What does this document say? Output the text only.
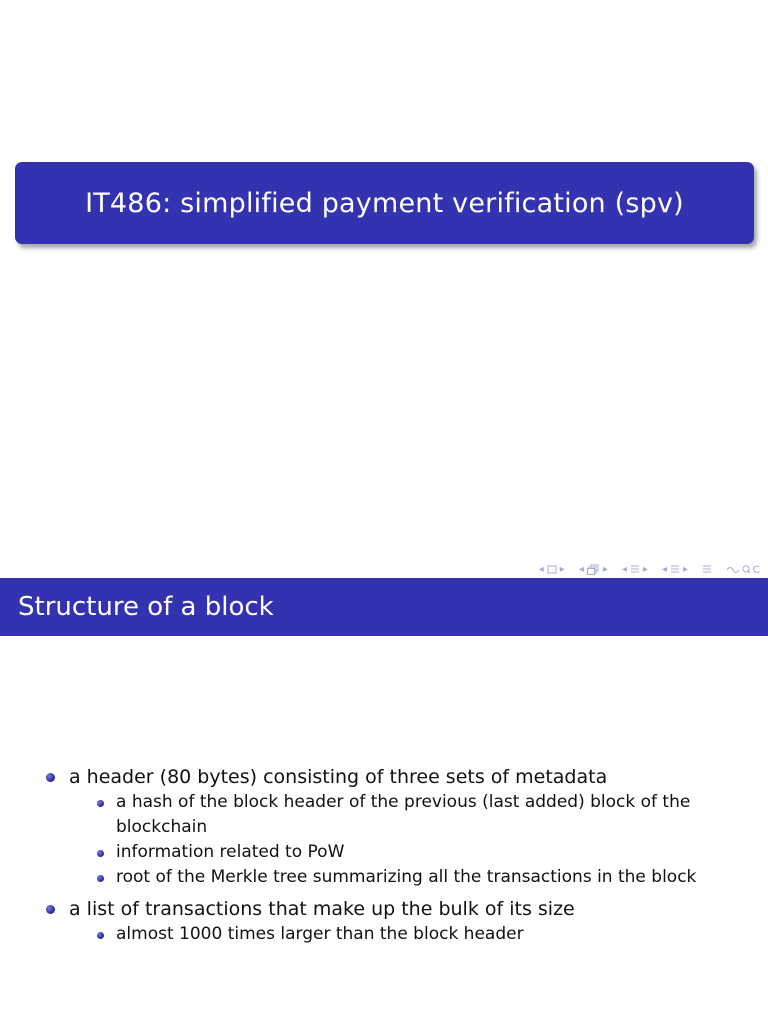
IT486: simplified payment verification (spv)
◂ ▸ ◂ ▸ ◂ ▸ ◂ ▸
Structure of a block
a header (80 bytes) consisting of three sets of metadata
a hash of the block header of the previous (last added) block of the blockchain
information related to PoW
root of the Merkle tree summarizing all the transactions in the block
a list of transactions that make up the bulk of its size
almost 1000 times larger than the block header
